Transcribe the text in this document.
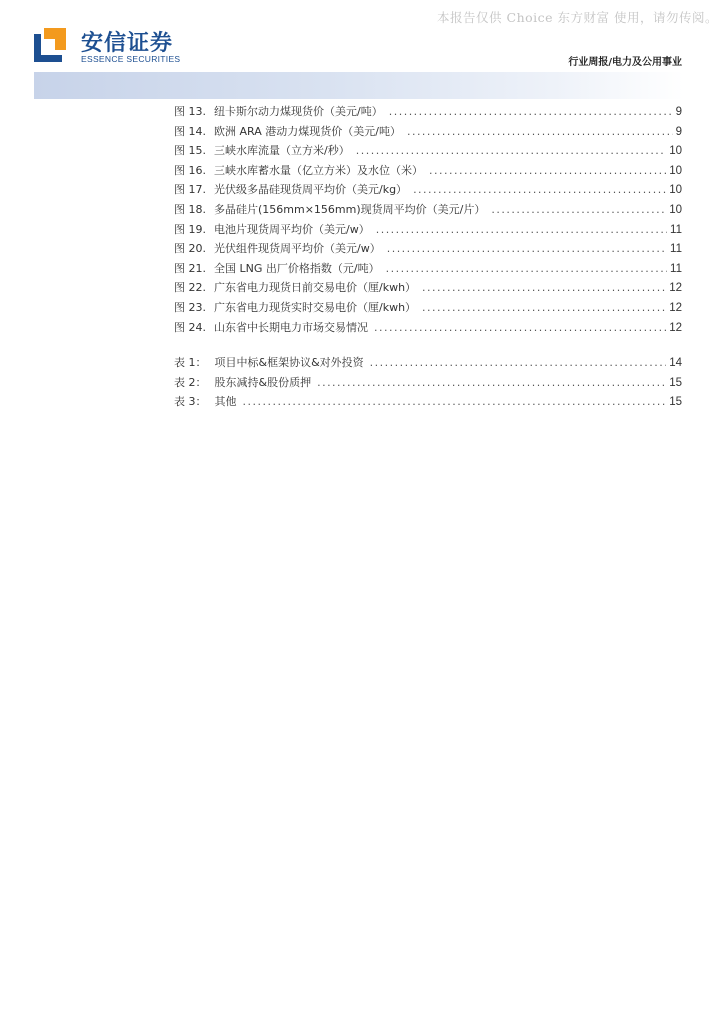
本报告仅供 Choice 东方财富 使用，请勿传阅。
安信证券
ESSENCE SECURITIES	行业周报/电力及公用事业
图 13. 纽卡斯尔动力煤现货价（美元/吨） . . .	9
图 14. 欧洲 ARA 港动力煤现货价（美元/吨） . . .	9
图 15. 三峡水库流量（立方米/秒） . . .	10
图 16. 三峡水库蓄水量（亿立方米）及水位（米） . . .	10
图 17. 光伏级多晶硅现货周平均价（美元/kg） . . .	10
图 18. 多晶硅片(156mm×156mm)现货周平均价（美元/片） . . .	10
图 19. 电池片现货周平均价（美元/w） . . .	11
图 20. 光伏组件现货周平均价（美元/w） . . .	11
图 21. 全国 LNG 出厂价格指数（元/吨） . . .	11
图 22. 广东省电力现货日前交易电价（厘/kwh） . . .	12
图 23. 广东省电力现货实时交易电价（厘/kwh） . . .	12
图 24. 山东省中长期电力市场交易情况 . . .	12
表 1： 项目中标&框架协议&对外投资 . . .	14
表 2： 股东减持&股份质押 . . .	15
表 3： 其他 . . .	15
